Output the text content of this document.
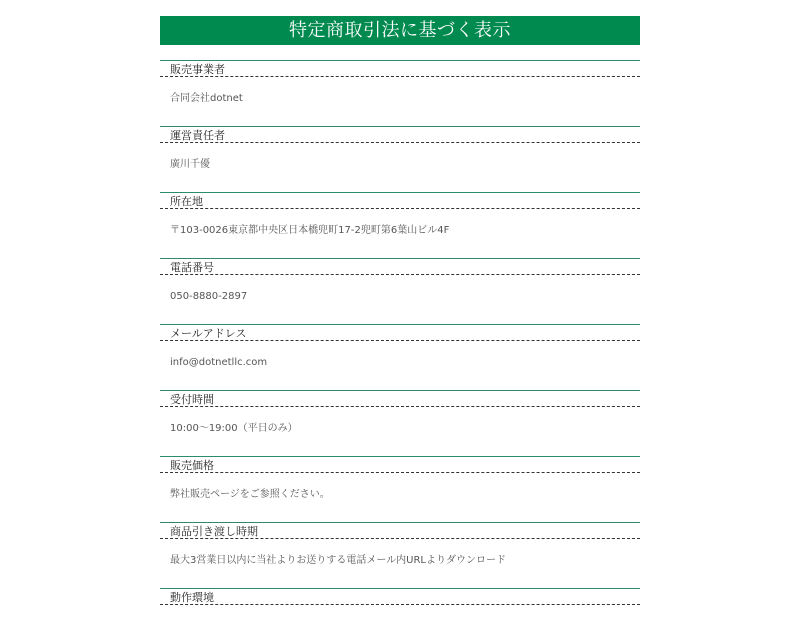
特定商取引法に基づく表示
販売事業者
合同会社dotnet
運営責任者
廣川千優
所在地
〒103-0026東京都中央区日本橋兜町17-2兜町第6葉山ビル4F
電話番号
050-8880-2897
メールアドレス
info@dotnetllc.com
受付時間
10:00〜19:00（平日のみ）
販売価格
弊社販売ページをご参照ください。
商品引き渡し時期
最大3営業日以内に当社よりお送りする電話メール内URLよりダウンロード
動作環境
